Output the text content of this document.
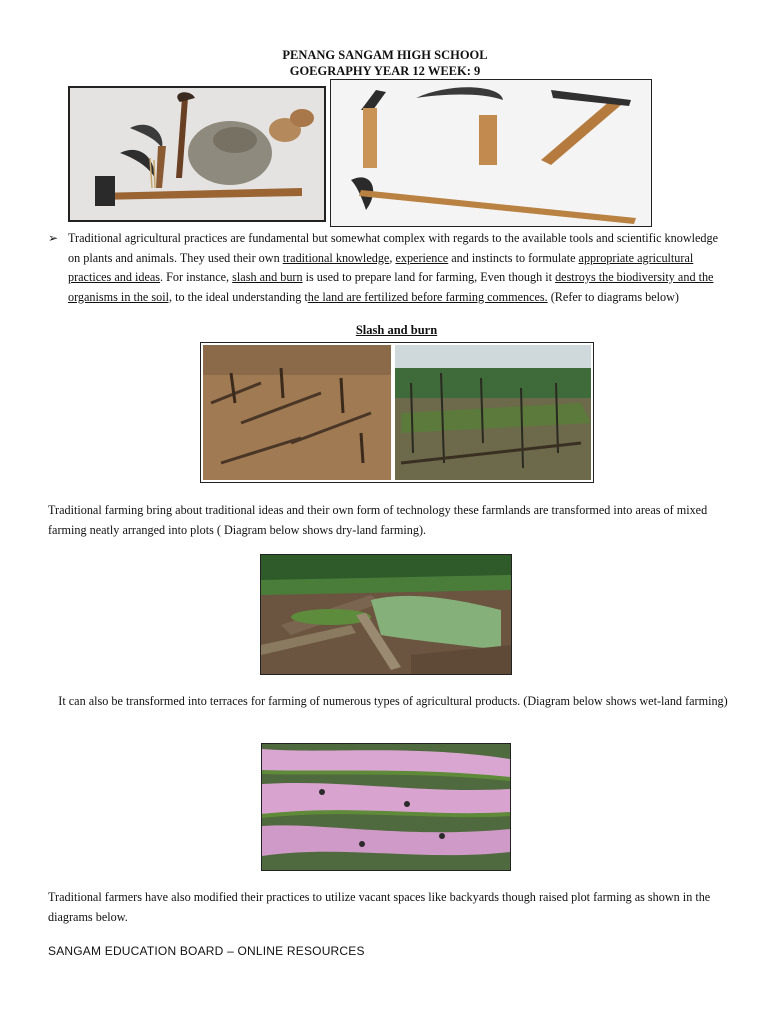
PENANG SANGAM HIGH SCHOOL
GOEGRAPHY YEAR 12 WEEK: 9
➢ Traditional agricultural practices are fundamental but somewhat complex with regards to the available tools and scientific knowledge on plants and animals. They used their own traditional knowledge, experience and instincts to formulate appropriate agricultural practices and ideas. For instance, slash and burn is used to prepare land for farming, Even though it destroys the biodiversity and the organisms in the soil, to the ideal understanding the land are fertilized before farming commences. (Refer to diagrams below)
Slash and burn
Traditional farming bring about traditional ideas and their own form of technology these farmlands are transformed into areas of mixed farming neatly arranged into plots ( Diagram below shows dry-land farming).
It can also be transformed into terraces for farming of numerous types of agricultural products. (Diagram below shows wet-land farming)
Traditional farmers have also modified their practices to utilize vacant spaces like backyards though raised plot farming as shown in the diagrams below.
SANGAM EDUCATION BOARD – ONLINE RESOURCES
